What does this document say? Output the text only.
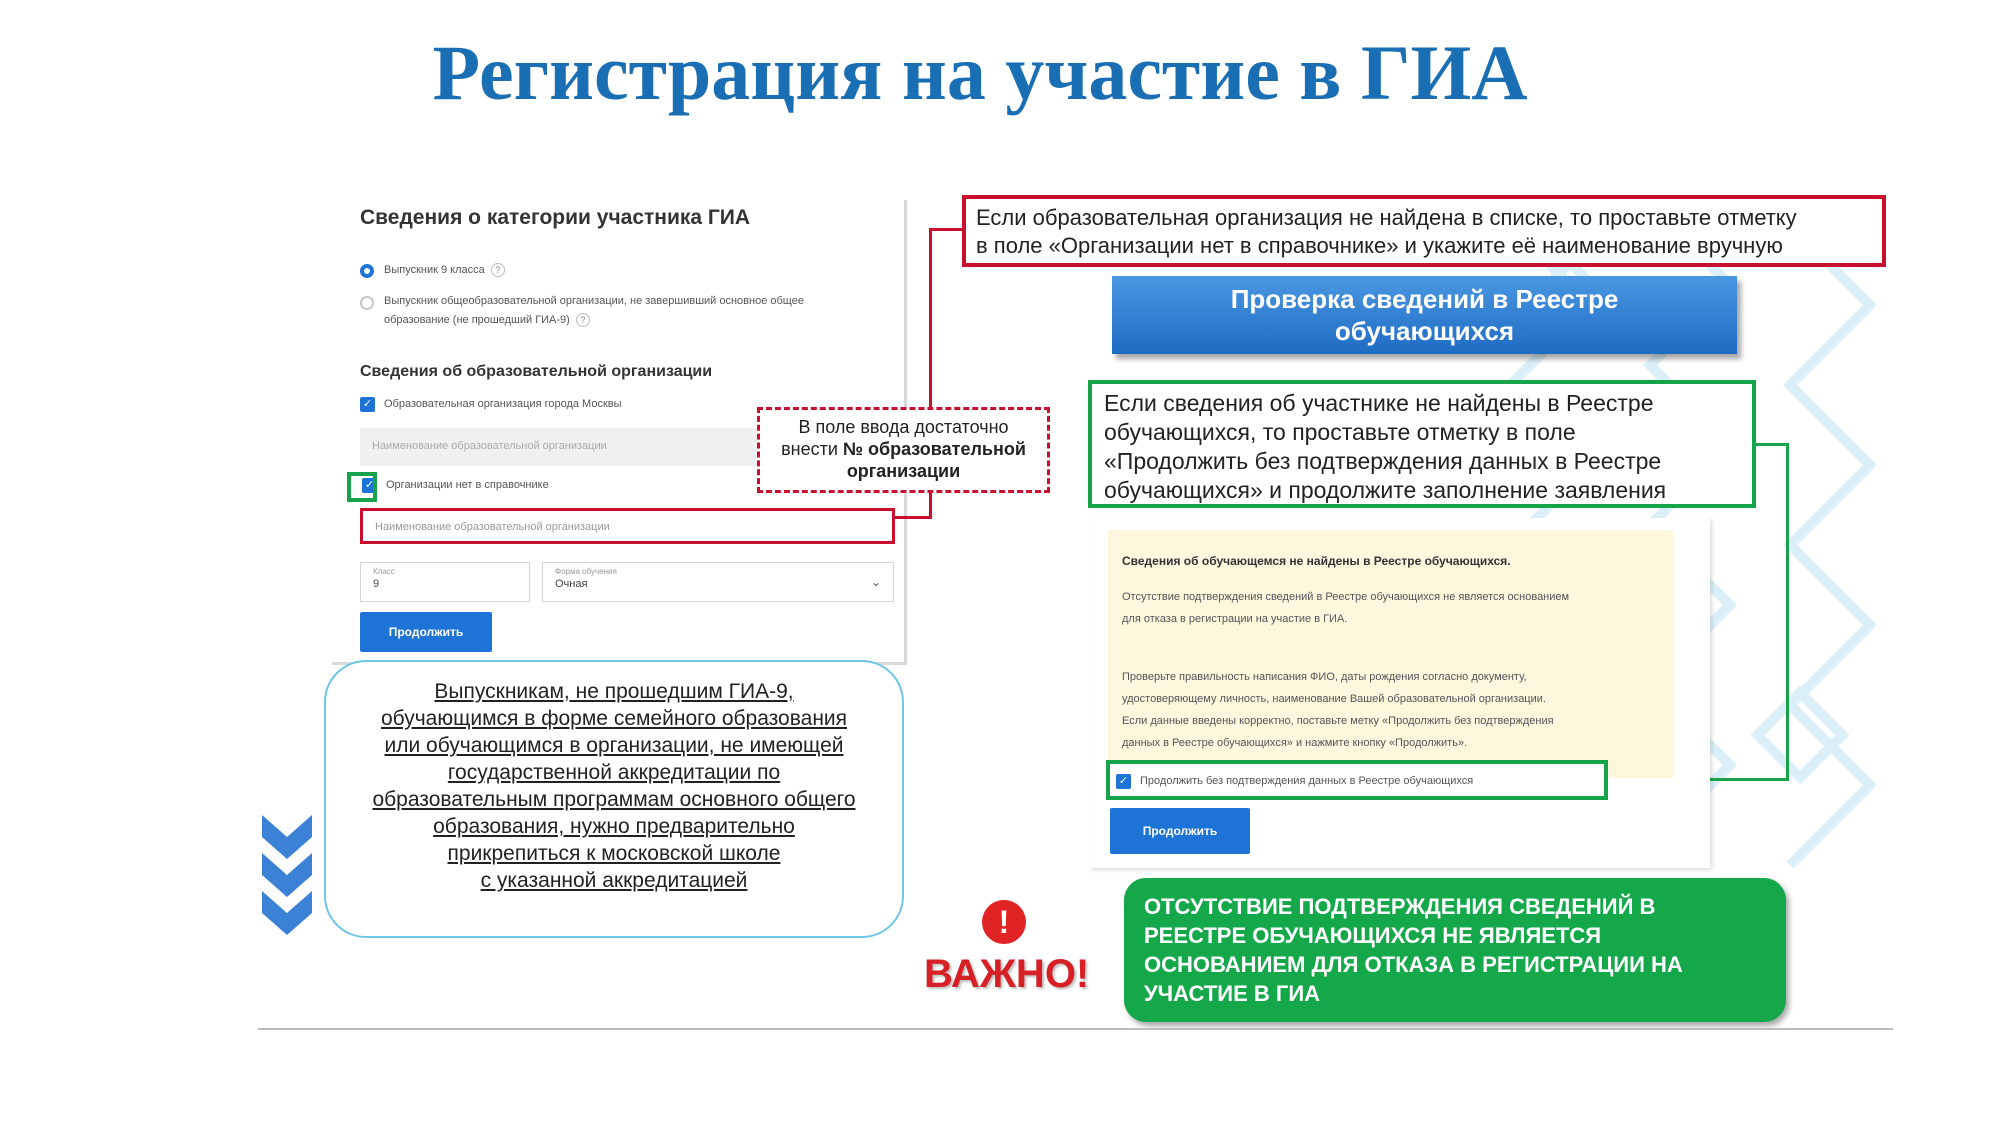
Регистрация на участие в ГИА
Сведения о категории участника ГИА
Выпускник 9 класса ?
Выпускник общеобразовательной организации, не завершивший основное общее
образование (не прошедший ГИА-9) ?
Сведения об образовательной организации
✓ Образовательная организация города Москвы
Наименование образовательной организации
✓ Организации нет в справочнике
Наименование образовательной организации
Класс
9
Форма обучения
Очная	⌄
Продолжить
В поле ввода достаточно
внести № образовательной
организации
Если образовательная организация не найдена в списке, то проставьте отметку
в поле «Организации нет в справочнике» и укажите её наименование вручную
Проверка сведений в Реестре
обучающихся
Если сведения об участнике не найдены в Реестре
обучающихся, то проставьте отметку в поле
«Продолжить без подтверждения данных в Реестре
обучающихся» и продолжите заполнение заявления
Сведения об обучающемся не найдены в Реестре обучающихся.
Отсутствие подтверждения сведений в Реестре обучающихся не является основанием
для отказа в регистрации на участие в ГИА.
Проверьте правильность написания ФИО, даты рождения согласно документу,
удостоверяющему личность, наименование Вашей образовательной организации.
Если данные введены корректно, поставьте метку «Продолжить без подтверждения
данных в Реестре обучающихся» и нажмите кнопку «Продолжить».
✓ Продолжить без подтверждения данных в Реестре обучающихся
Продолжить
Выпускникам, не прошедшим ГИА-9,
обучающимся в форме семейного образования
или обучающимся в организации, не имеющей
государственной аккредитации по
образовательным программам основного общего
образования, нужно предварительно
прикрепиться к московской школе
с указанной аккредитацией
!
ВАЖНО!
ОТСУТСТВИЕ ПОДТВЕРЖДЕНИЯ СВЕДЕНИЙ В
РЕЕСТРЕ ОБУЧАЮЩИХСЯ НЕ ЯВЛЯЕТСЯ
ОСНОВАНИЕМ ДЛЯ ОТКАЗА В РЕГИСТРАЦИИ НА
УЧАСТИЕ В ГИА
